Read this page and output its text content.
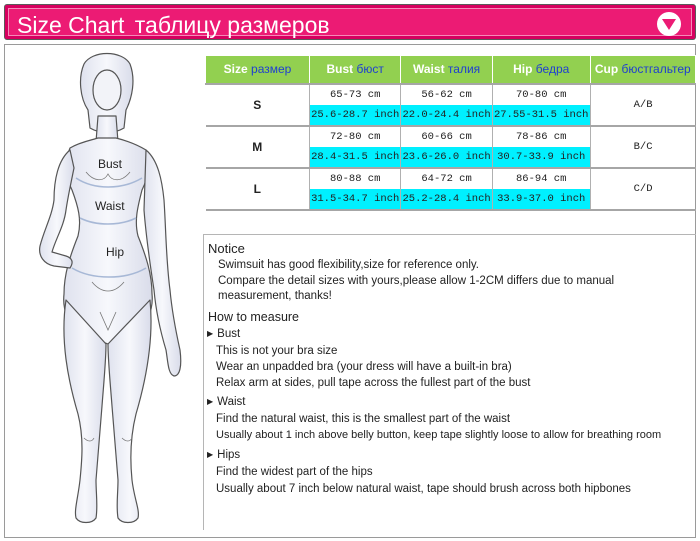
Size Chart таблицу размеров
Bust
Waist
Hip
Size размер	Bust бюст	Waist талия	Hip бедра	Cup бюстгальтер
S	65-73 cm	56-62 cm	70-80 cm	A/B
	25.6-28.7 inch	22.0-24.4 inch	27.55-31.5 inch	
M	72-80 cm	60-66 cm	78-86 cm	B/C
	28.4-31.5 inch	23.6-26.0 inch	30.7-33.9 inch	
L	80-88 cm	64-72 cm	86-94 cm	C/D
	31.5-34.7 inch	25.2-28.4 inch	33.9-37.0 inch	
Notice
Swimsuit has good flexibility,size for reference only.
Compare the detail sizes with yours,please allow 1-2CM differs due to manual
measurement, thanks!
How to measure
▶ Bust
This is not your bra size
Wear an unpadded bra (your dress will have a built-in bra)
Relax arm at sides, pull tape across the fullest part of the bust
▶ Waist
Find the natural waist, this is the smallest part of the waist
Usually about 1 inch above belly button, keep tape slightly loose to allow for breathing room
▶ Hips
Find the widest part of the hips
Usually about 7 inch below natural waist, tape should brush across both hipbones
